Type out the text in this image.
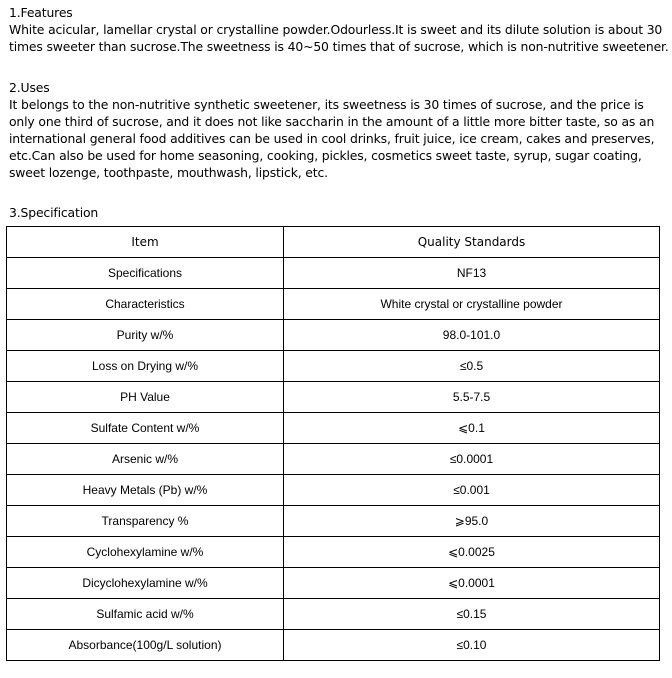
1.Features

White acicular, lamellar crystal or crystalline powder.Odourless.It is sweet and its dilute solution is about 30 times sweeter than sucrose.The sweetness is 40~50 times that of sucrose, which is non-nutritive sweetener.

2.Uses

It belongs to the non-nutritive synthetic sweetener, its sweetness is 30 times of sucrose, and the price is only one third of sucrose, and it does not like saccharin in the amount of a little more bitter taste, so as an international general food additives can be used in cool drinks, fruit juice, ice cream, cakes and preserves, etc.Can also be used for home seasoning, cooking, pickles, cosmetics sweet taste, syrup, sugar coating, sweet lozenge, toothpaste, mouthwash, lipstick, etc.

3.Specification

Item	Quality Standards
Specifications	NF13
Characteristics	White crystal or crystalline powder
Purity w/%	98.0-101.0
Loss on Drying w/%	≤0.5
PH Value	5.5-7.5
Sulfate Content w/%	⩽0.1
Arsenic w/%	≤0.0001
Heavy Metals (Pb) w/%	≤0.001
Transparency %	⩾95.0
Cyclohexylamine w/%	⩽0.0025
Dicyclohexylamine w/%	⩽0.0001
Sulfamic acid w/%	≤0.15
Absorbance(100g/L solution)	≤0.10
